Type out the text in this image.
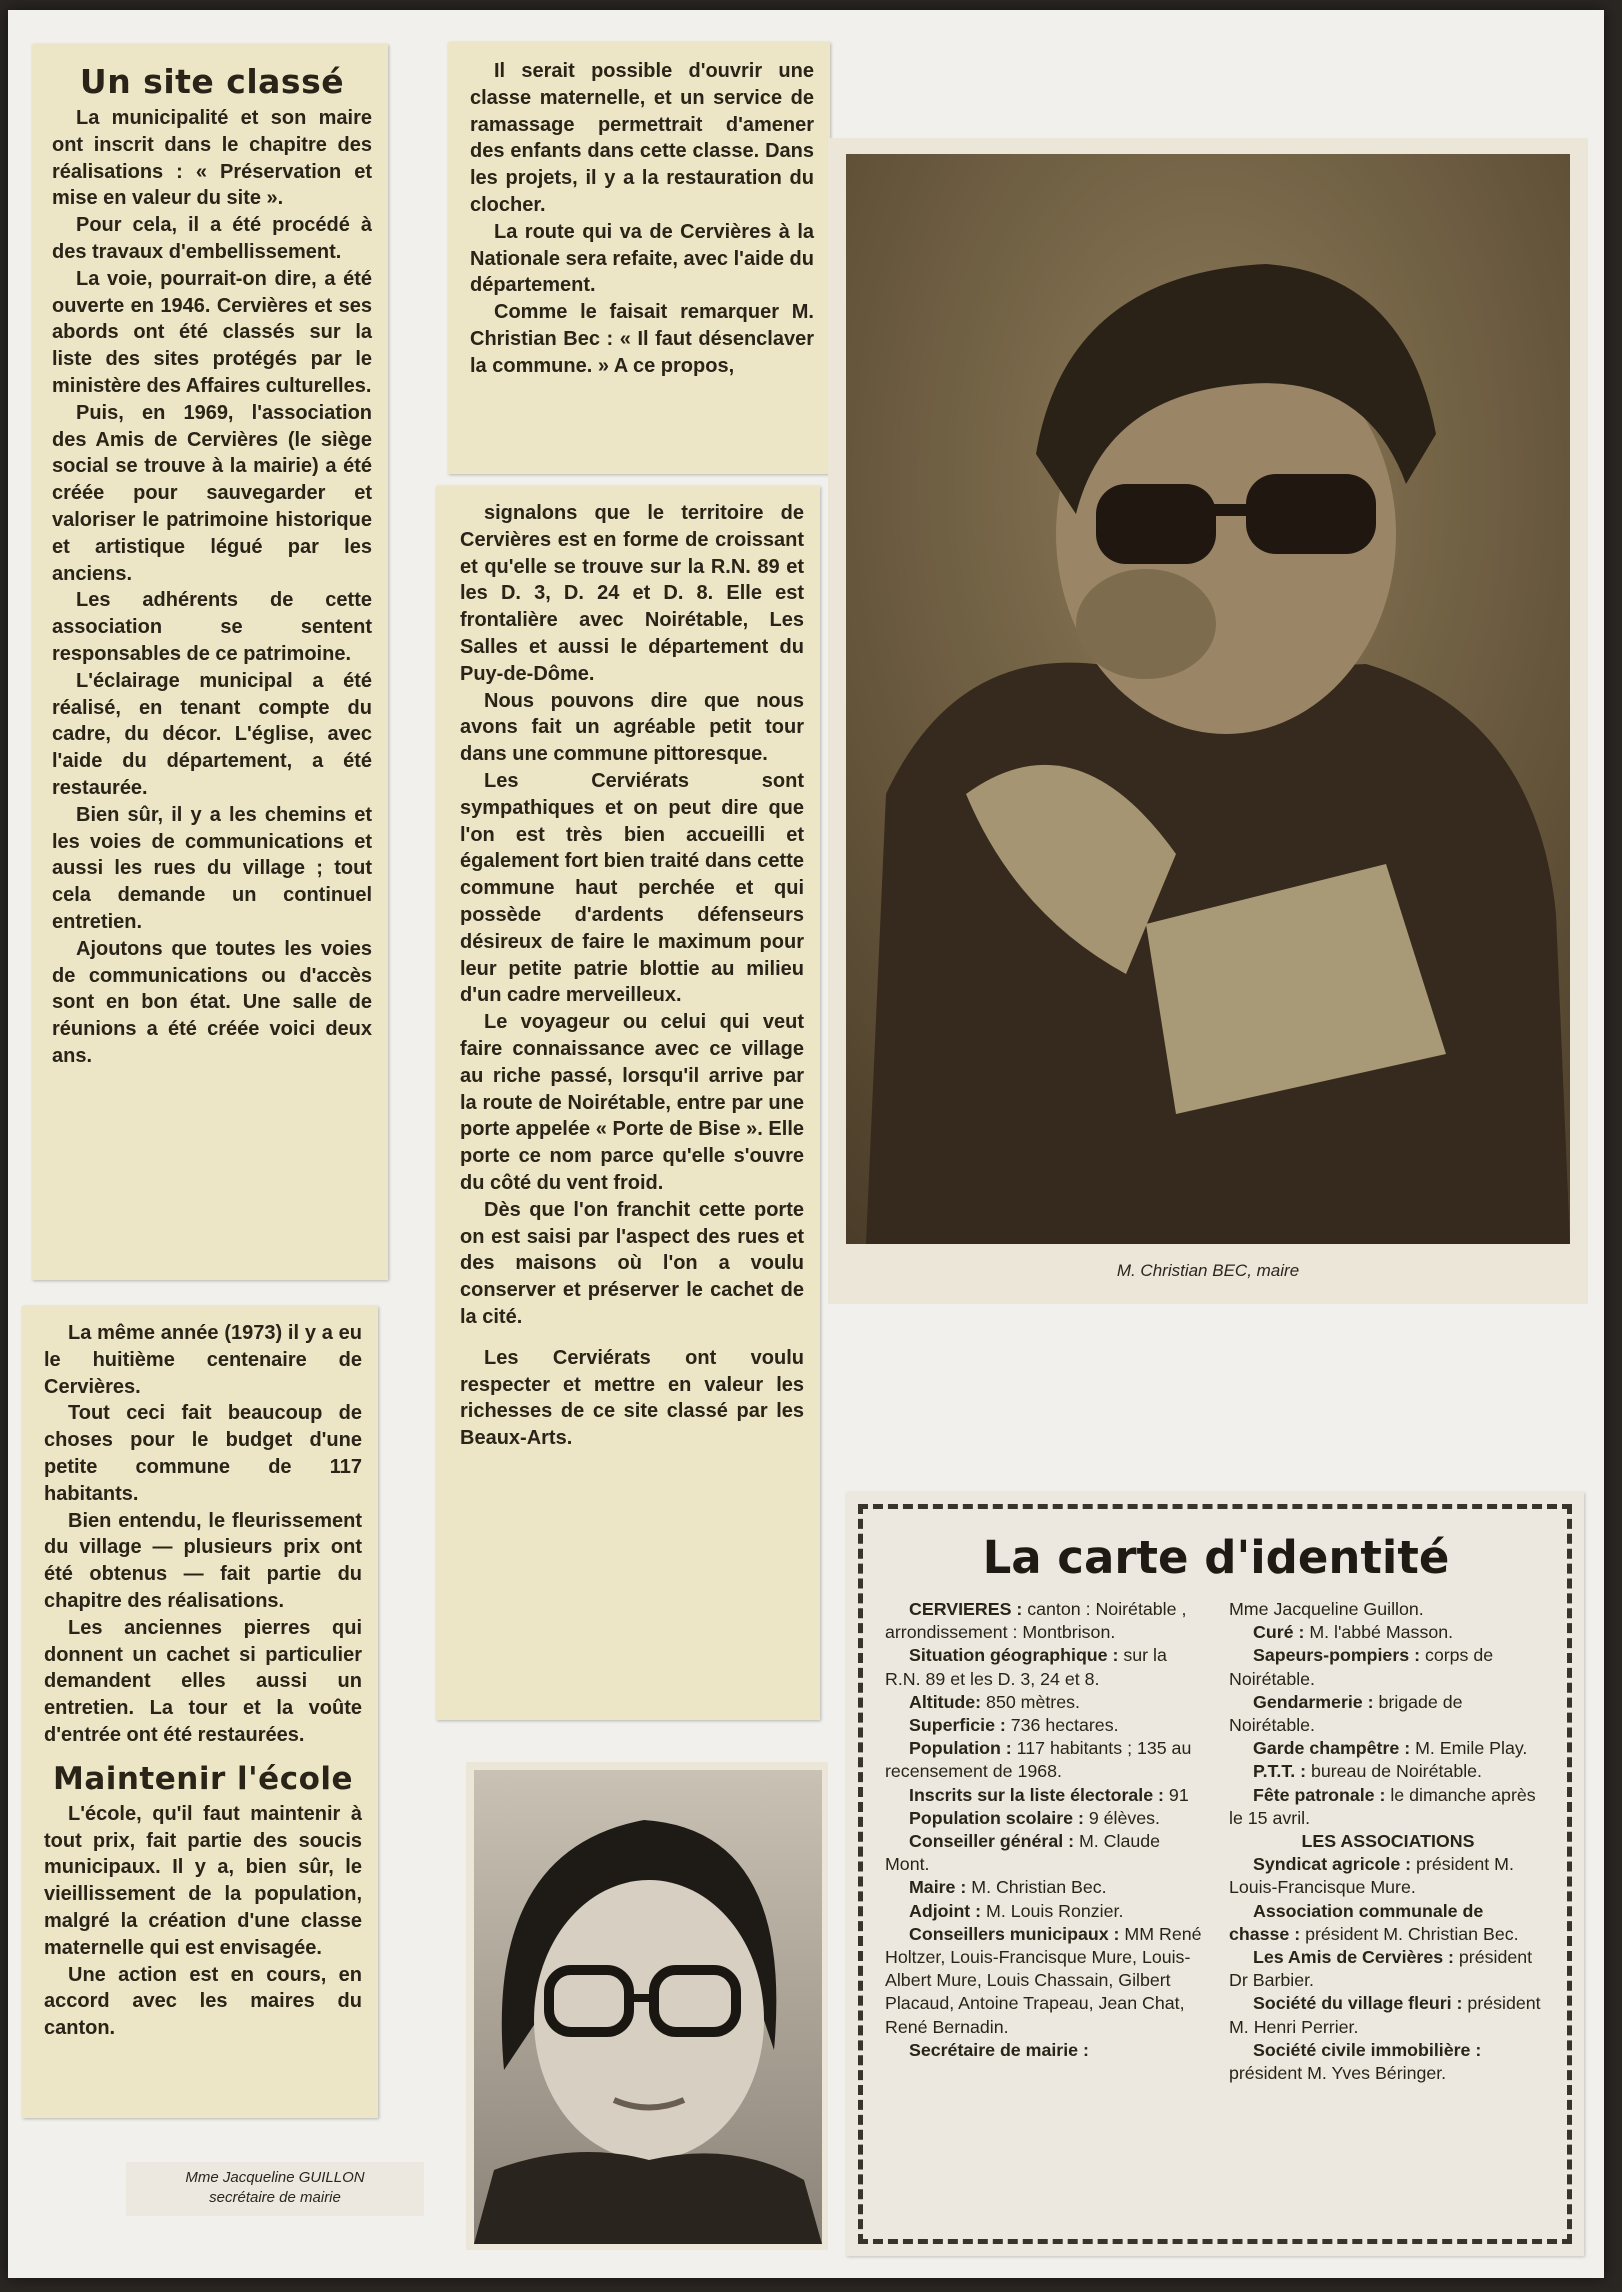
Un site classé

La municipalité et son maire ont inscrit dans le chapitre des réalisations : « Préservation et mise en valeur du site ».

Pour cela, il a été procédé à des travaux d'embellissement.

La voie, pourrait-on dire, a été ouverte en 1946. Cervières et ses abords ont été classés sur la liste des sites protégés par le ministère des Affaires culturelles.

Puis, en 1969, l'association des Amis de Cervières (le siège social se trouve à la mairie) a été créée pour sauvegarder et valoriser le patrimoine historique et artistique légué par les anciens.

Les adhérents de cette association se sentent responsables de ce patrimoine.

L'éclairage municipal a été réalisé, en tenant compte du cadre, du décor. L'église, avec l'aide du département, a été restaurée.

Bien sûr, il y a les chemins et les voies de communications et aussi les rues du village ; tout cela demande un continuel entretien.

Ajoutons que toutes les voies de communications ou d'accès sont en bon état. Une salle de réunions a été créée voici deux ans.

La même année (1973) il y a eu le huitième centenaire de Cervières.

Tout ceci fait beaucoup de choses pour le budget d'une petite commune de 117 habitants.

Bien entendu, le fleurissement du village — plusieurs prix ont été obtenus — fait partie du chapitre des réalisations.

Les anciennes pierres qui donnent un cachet si particulier demandent elles aussi un entretien. La tour et la voûte d'entrée ont été restaurées.

Maintenir l'école

L'école, qu'il faut maintenir à tout prix, fait partie des soucis municipaux. Il y a, bien sûr, le vieillissement de la population, malgré la création d'une classe maternelle qui est envisagée.

Une action est en cours, en accord avec les maires du canton.

Il serait possible d'ouvrir une classe maternelle, et un service de ramassage permettrait d'amener des enfants dans cette classe. Dans les projets, il y a la restauration du clocher.

La route qui va de Cervières à la Nationale sera refaite, avec l'aide du département.

Comme le faisait remarquer M. Christian Bec : « Il faut désenclaver la commune. » A ce propos,

signalons que le territoire de Cervières est en forme de croissant et qu'elle se trouve sur la R.N. 89 et les D. 3, D. 24 et D. 8. Elle est frontalière avec Noirétable, Les Salles et aussi le département du Puy-de-Dôme.

Nous pouvons dire que nous avons fait un agréable petit tour dans une commune pittoresque.

Les Cerviérats sont sympathiques et on peut dire que l'on est très bien accueilli et également fort bien traité dans cette commune haut perchée et qui possède d'ardents défenseurs désireux de faire le maximum pour leur petite patrie blottie au milieu d'un cadre merveilleux.

Le voyageur ou celui qui veut faire connaissance avec ce village au riche passé, lorsqu'il arrive par la route de Noirétable, entre par une porte appelée « Porte de Bise ». Elle porte ce nom parce qu'elle s'ouvre du côté du vent froid.

Dès que l'on franchit cette porte on est saisi par l'aspect des rues et des maisons où l'on a voulu conserver et préserver le cachet de la cité.

Les Cerviérats ont voulu respecter et mettre en valeur les richesses de ce site classé par les Beaux-Arts.

M. Christian BEC, maire
Mme Jacqueline GUILLON
secrétaire de mairie
La carte d'identité

CERVIERES : canton : Noirétable , arrondissement : Montbrison.

Situation géographique : sur la R.N. 89 et les D. 3, 24 et 8.

Altitude: 850 mètres.

Superficie : 736 hectares.

Population : 117 habitants ; 135 au recensement de 1968.

Inscrits sur la liste électorale : 91

Population scolaire : 9 élèves.

Conseiller général : M. Claude Mont.

Maire : M. Christian Bec.

Adjoint : M. Louis Ronzier.

Conseillers municipaux : MM René Holtzer, Louis-Francisque Mure, Louis-Albert Mure, Louis Chassain, Gilbert Placaud, Antoine Trapeau, Jean Chat, René Bernadin.

Secrétaire de mairie :

Mme Jacqueline Guillon.

Curé : M. l'abbé Masson.

Sapeurs-pompiers : corps de Noirétable.

Gendarmerie : brigade de Noirétable.

Garde champêtre : M. Emile Play.

P.T.T. : bureau de Noirétable.

Fête patronale : le dimanche après le 15 avril.

LES ASSOCIATIONS

Syndicat agricole : président M. Louis-Francisque Mure.

Association communale de chasse : président M. Christian Bec.

Les Amis de Cervières : président Dr Barbier.

Société du village fleuri : président M. Henri Perrier.

Société civile immobilière : président M. Yves Béringer.
